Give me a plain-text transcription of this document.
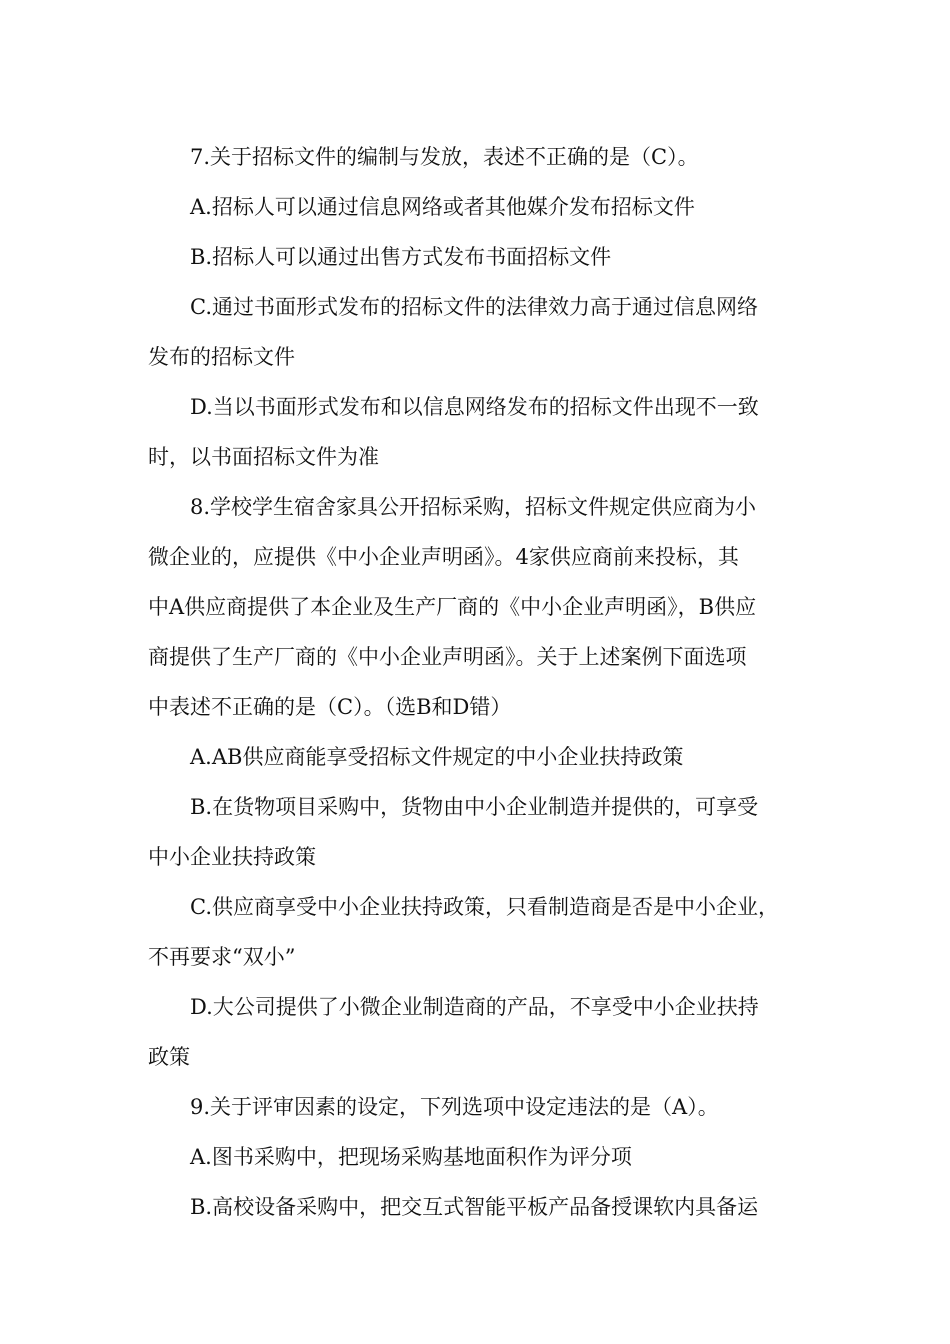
7.关于招标文件的编制与发放，表述不正确的是（C）。
A.招标人可以通过信息网络或者其他媒介发布招标文件
B.招标人可以通过出售方式发布书面招标文件
C.通过书面形式发布的招标文件的法律效力高于通过信息网络
发布的招标文件
D.当以书面形式发布和以信息网络发布的招标文件出现不一致
时，以书面招标文件为准
8.学校学生宿舍家具公开招标采购，招标文件规定供应商为小
微企业的，应提供《中小企业声明函》。4家供应商前来投标，其
中A供应商提供了本企业及生产厂商的《中小企业声明函》，B供应
商提供了生产厂商的《中小企业声明函》。关于上述案例下面选项
中表述不正确的是（C）。（选B和D错）
A.AB供应商能享受招标文件规定的中小企业扶持政策
B.在货物项目采购中，货物由中小企业制造并提供的，可享受
中小企业扶持政策
C.供应商享受中小企业扶持政策，只看制造商是否是中小企业，
不再要求“双小”
D.大公司提供了小微企业制造商的产品，不享受中小企业扶持
政策
9.关于评审因素的设定，下列选项中设定违法的是（A）。
A.图书采购中，把现场采购基地面积作为评分项
B.高校设备采购中，把交互式智能平板产品备授课软内具备运
